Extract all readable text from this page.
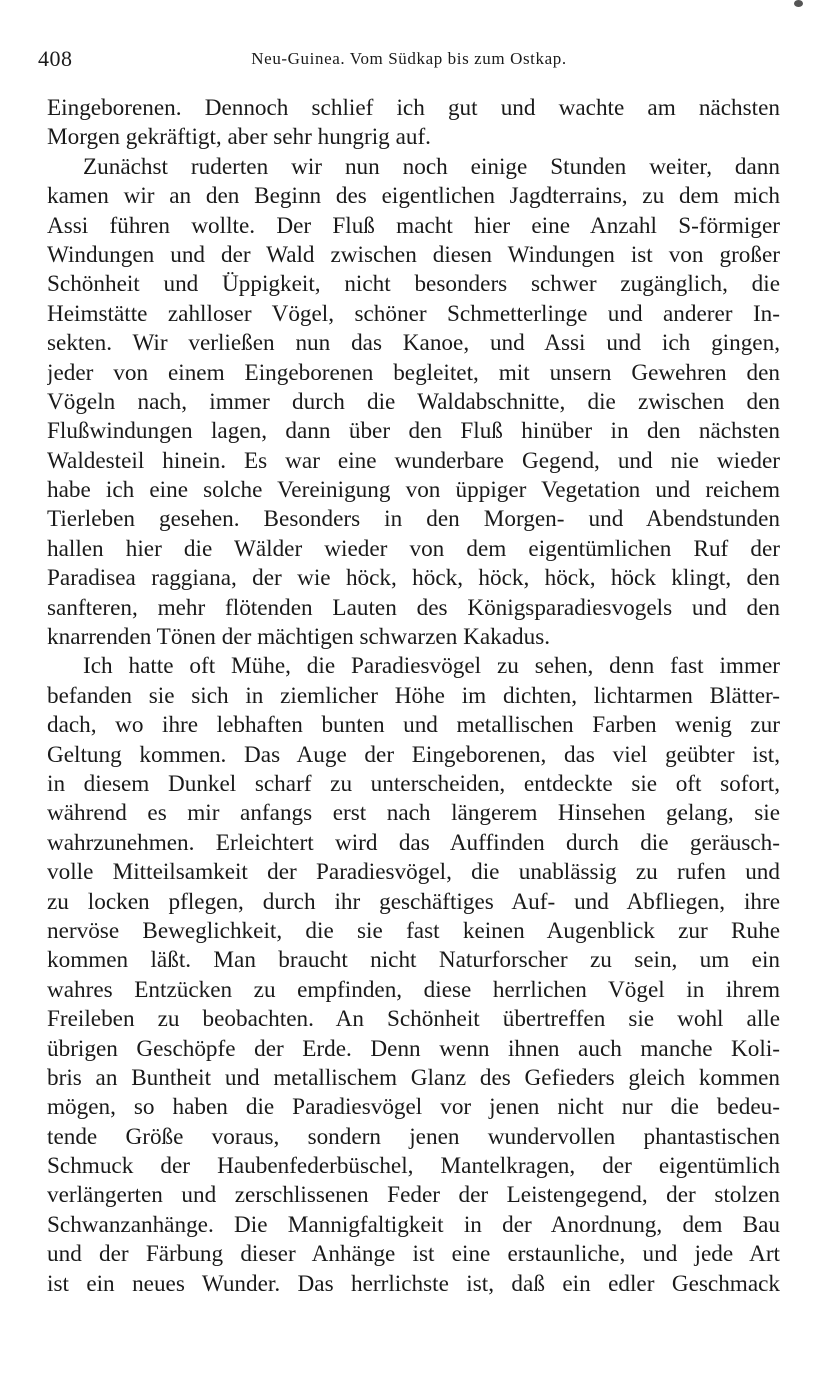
408	Neu-Guinea. Vom Südkap bis zum Ostkap.
Eingeborenen. Dennoch schlief ich gut und wachte am nächsten
Morgen gekräftigt, aber sehr hungrig auf.
Zunächst ruderten wir nun noch einige Stunden weiter, dann
kamen wir an den Beginn des eigentlichen Jagdterrains, zu dem mich
Assi führen wollte. Der Fluß macht hier eine Anzahl S-förmiger
Windungen und der Wald zwischen diesen Windungen ist von großer
Schönheit und Üppigkeit, nicht besonders schwer zugänglich, die
Heimstätte zahlloser Vögel, schöner Schmetterlinge und anderer In-
sekten. Wir verließen nun das Kanoe, und Assi und ich gingen,
jeder von einem Eingeborenen begleitet, mit unsern Gewehren den
Vögeln nach, immer durch die Waldabschnitte, die zwischen den
Flußwindungen lagen, dann über den Fluß hinüber in den nächsten
Waldesteil hinein. Es war eine wunderbare Gegend, und nie wieder
habe ich eine solche Vereinigung von üppiger Vegetation und reichem
Tierleben gesehen. Besonders in den Morgen- und Abendstunden
hallen hier die Wälder wieder von dem eigentümlichen Ruf der
Paradisea raggiana, der wie höck, höck, höck, höck, höck klingt, den
sanfteren, mehr flötenden Lauten des Königsparadiesvogels und den
knarrenden Tönen der mächtigen schwarzen Kakadus.
Ich hatte oft Mühe, die Paradiesvögel zu sehen, denn fast immer
befanden sie sich in ziemlicher Höhe im dichten, lichtarmen Blätter-
dach, wo ihre lebhaften bunten und metallischen Farben wenig zur
Geltung kommen. Das Auge der Eingeborenen, das viel geübter ist,
in diesem Dunkel scharf zu unterscheiden, entdeckte sie oft sofort,
während es mir anfangs erst nach längerem Hinsehen gelang, sie
wahrzunehmen. Erleichtert wird das Auffinden durch die geräusch-
volle Mitteilsamkeit der Paradiesvögel, die unablässig zu rufen und
zu locken pflegen, durch ihr geschäftiges Auf- und Abfliegen, ihre
nervöse Beweglichkeit, die sie fast keinen Augenblick zur Ruhe
kommen läßt. Man braucht nicht Naturforscher zu sein, um ein
wahres Entzücken zu empfinden, diese herrlichen Vögel in ihrem
Freileben zu beobachten. An Schönheit übertreffen sie wohl alle
übrigen Geschöpfe der Erde. Denn wenn ihnen auch manche Koli-
bris an Buntheit und metallischem Glanz des Gefieders gleich kommen
mögen, so haben die Paradiesvögel vor jenen nicht nur die bedeu-
tende Größe voraus, sondern jenen wundervollen phantastischen
Schmuck der Haubenfederbüschel, Mantelkragen, der eigentümlich
verlängerten und zerschlissenen Feder der Leistengegend, der stolzen
Schwanzanhänge. Die Mannigfaltigkeit in der Anordnung, dem Bau
und der Färbung dieser Anhänge ist eine erstaunliche, und jede Art
ist ein neues Wunder. Das herrlichste ist, daß ein edler Geschmack
